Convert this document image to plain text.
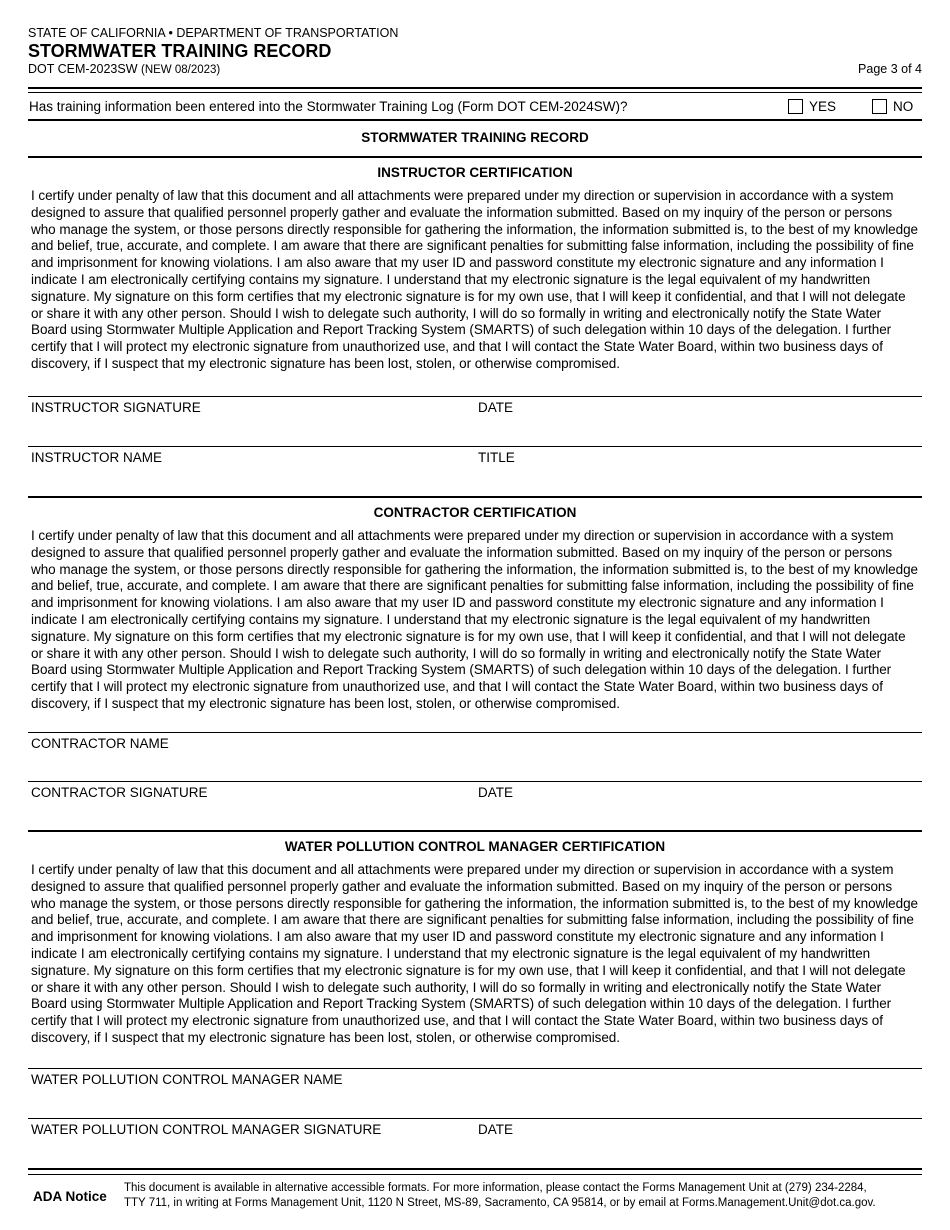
STATE OF CALIFORNIA • DEPARTMENT OF TRANSPORTATION
STORMWATER TRAINING RECORD
DOT CEM-2023SW (NEW 08/2023)	Page 3 of 4
Has training information been entered into the Stormwater Training Log (Form DOT CEM-2024SW)?	YES	NO
STORMWATER TRAINING RECORD
INSTRUCTOR CERTIFICATION
I certify under penalty of law that this document and all attachments were prepared under my direction or supervision in accordance with a system designed to assure that qualified personnel properly gather and evaluate the information submitted. Based on my inquiry of the person or persons who manage the system, or those persons directly responsible for gathering the information, the information submitted is, to the best of my knowledge and belief, true, accurate, and complete. I am aware that there are significant penalties for submitting false information, including the possibility of fine and imprisonment for knowing violations. I am also aware that my user ID and password constitute my electronic signature and any information I indicate I am electronically certifying contains my signature. I understand that my electronic signature is the legal equivalent of my handwritten signature. My signature on this form certifies that my electronic signature is for my own use, that I will keep it confidential, and that I will not delegate or share it with any other person. Should I wish to delegate such authority, I will do so formally in writing and electronically notify the State Water Board using Stormwater Multiple Application and Report Tracking System (SMARTS) of such delegation within 10 days of the delegation. I further certify that I will protect my electronic signature from unauthorized use, and that I will contact the State Water Board, within two business days of discovery, if I suspect that my electronic signature has been lost, stolen, or otherwise compromised.
INSTRUCTOR SIGNATURE	DATE
INSTRUCTOR NAME	TITLE
CONTRACTOR CERTIFICATION
I certify under penalty of law that this document and all attachments were prepared under my direction or supervision in accordance with a system designed to assure that qualified personnel properly gather and evaluate the information submitted. Based on my inquiry of the person or persons who manage the system, or those persons directly responsible for gathering the information, the information submitted is, to the best of my knowledge and belief, true, accurate, and complete. I am aware that there are significant penalties for submitting false information, including the possibility of fine and imprisonment for knowing violations. I am also aware that my user ID and password constitute my electronic signature and any information I indicate I am electronically certifying contains my signature. I understand that my electronic signature is the legal equivalent of my handwritten signature. My signature on this form certifies that my electronic signature is for my own use, that I will keep it confidential, and that I will not delegate or share it with any other person. Should I wish to delegate such authority, I will do so formally in writing and electronically notify the State Water Board using Stormwater Multiple Application and Report Tracking System (SMARTS) of such delegation within 10 days of the delegation. I further certify that I will protect my electronic signature from unauthorized use, and that I will contact the State Water Board, within two business days of discovery, if I suspect that my electronic signature has been lost, stolen, or otherwise compromised.
CONTRACTOR NAME
CONTRACTOR SIGNATURE	DATE
WATER POLLUTION CONTROL MANAGER CERTIFICATION
I certify under penalty of law that this document and all attachments were prepared under my direction or supervision in accordance with a system designed to assure that qualified personnel properly gather and evaluate the information submitted. Based on my inquiry of the person or persons who manage the system, or those persons directly responsible for gathering the information, the information submitted is, to the best of my knowledge and belief, true, accurate, and complete. I am aware that there are significant penalties for submitting false information, including the possibility of fine and imprisonment for knowing violations. I am also aware that my user ID and password constitute my electronic signature and any information I indicate I am electronically certifying contains my signature. I understand that my electronic signature is the legal equivalent of my handwritten signature. My signature on this form certifies that my electronic signature is for my own use, that I will keep it confidential, and that I will not delegate or share it with any other person. Should I wish to delegate such authority, I will do so formally in writing and electronically notify the State Water Board using Stormwater Multiple Application and Report Tracking System (SMARTS) of such delegation within 10 days of the delegation. I further certify that I will protect my electronic signature from unauthorized use, and that I will contact the State Water Board, within two business days of discovery, if I suspect that my electronic signature has been lost, stolen, or otherwise compromised.
WATER POLLUTION CONTROL MANAGER NAME
WATER POLLUTION CONTROL MANAGER SIGNATURE	DATE
ADA Notice
This document is available in alternative accessible formats. For more information, please contact the Forms Management Unit at (279) 234-2284,
TTY 711, in writing at Forms Management Unit, 1120 N Street, MS-89, Sacramento, CA 95814, or by email at Forms.Management.Unit@dot.ca.gov.
